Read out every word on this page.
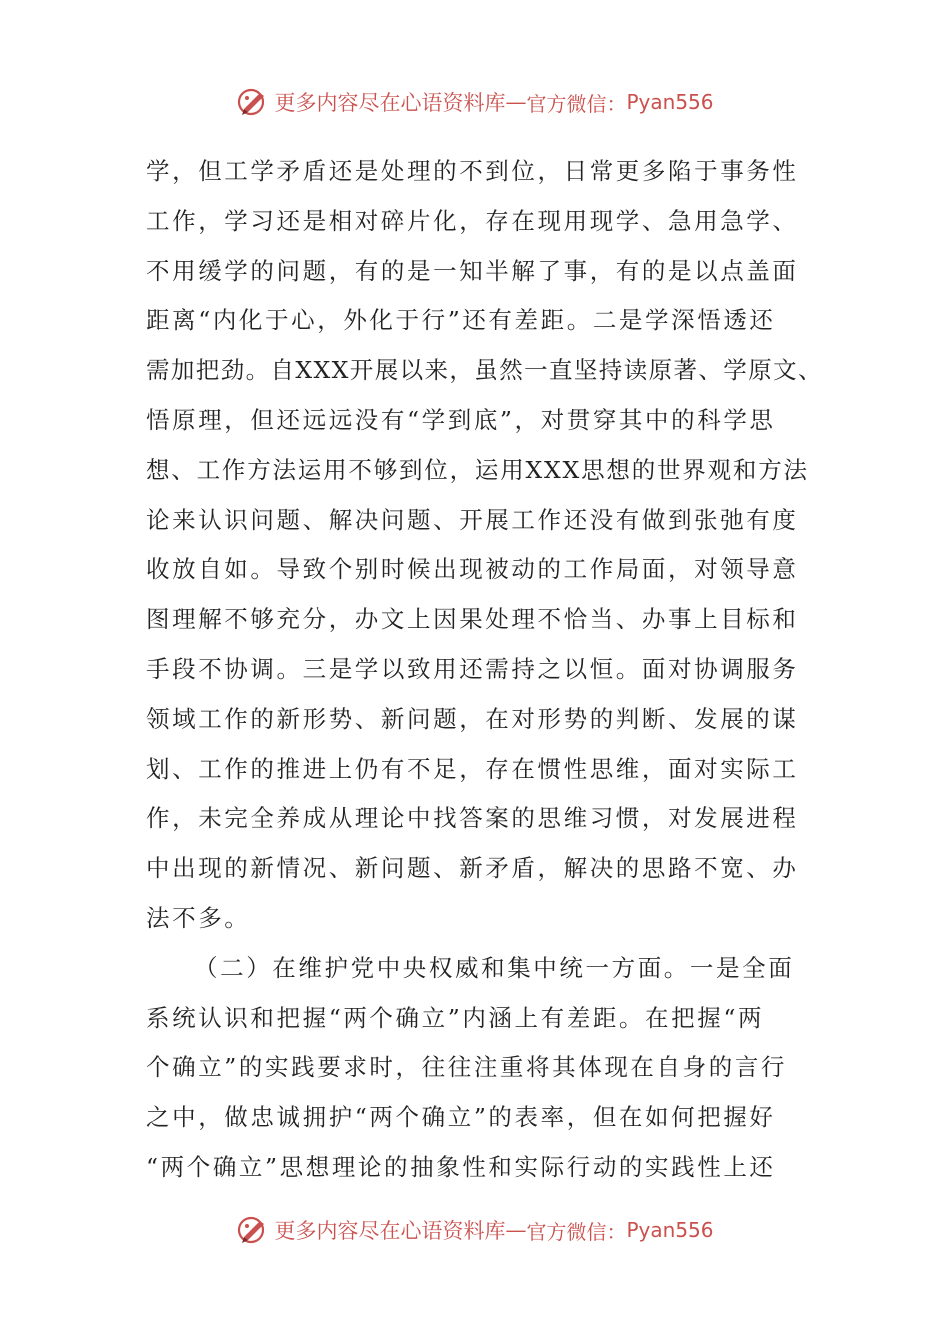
更多内容尽在心语资料库 — 官方微信： Pyan556
学，但工学矛盾还是处理的不到位，日常更多陷于事务性
工作，学习还是相对碎片化，存在现用现学、急用急学、
不用缓学的问题，有的是一知半解了事，有的是以点盖面
距离“内化于心，外化于行”还有差距。二是学深悟透还
需加把劲。自XXX开展以来，虽然一直坚持读原著、学原文、
悟原理，但还远远没有“学到底”，对贯穿其中的科学思
想、工作方法运用不够到位，运用XXX思想的世界观和方法
论来认识问题、解决问题、开展工作还没有做到张弛有度
收放自如。导致个别时候出现被动的工作局面，对领导意
图理解不够充分，办文上因果处理不恰当、办事上目标和
手段不协调。三是学以致用还需持之以恒。面对协调服务
领域工作的新形势、新问题，在对形势的判断、发展的谋
划、工作的推进上仍有不足，存在惯性思维，面对实际工
作，未完全养成从理论中找答案的思维习惯，对发展进程
中出现的新情况、新问题、新矛盾，解决的思路不宽、办
法不多。
（二）在维护党中央权威和集中统一方面。一是全面
系统认识和把握“两个确立”内涵上有差距。在把握“两
个确立”的实践要求时，往往注重将其体现在自身的言行
之中，做忠诚拥护“两个确立”的表率，但在如何把握好
“两个确立”思想理论的抽象性和实际行动的实践性上还
更多内容尽在心语资料库 — 官方微信： Pyan556
